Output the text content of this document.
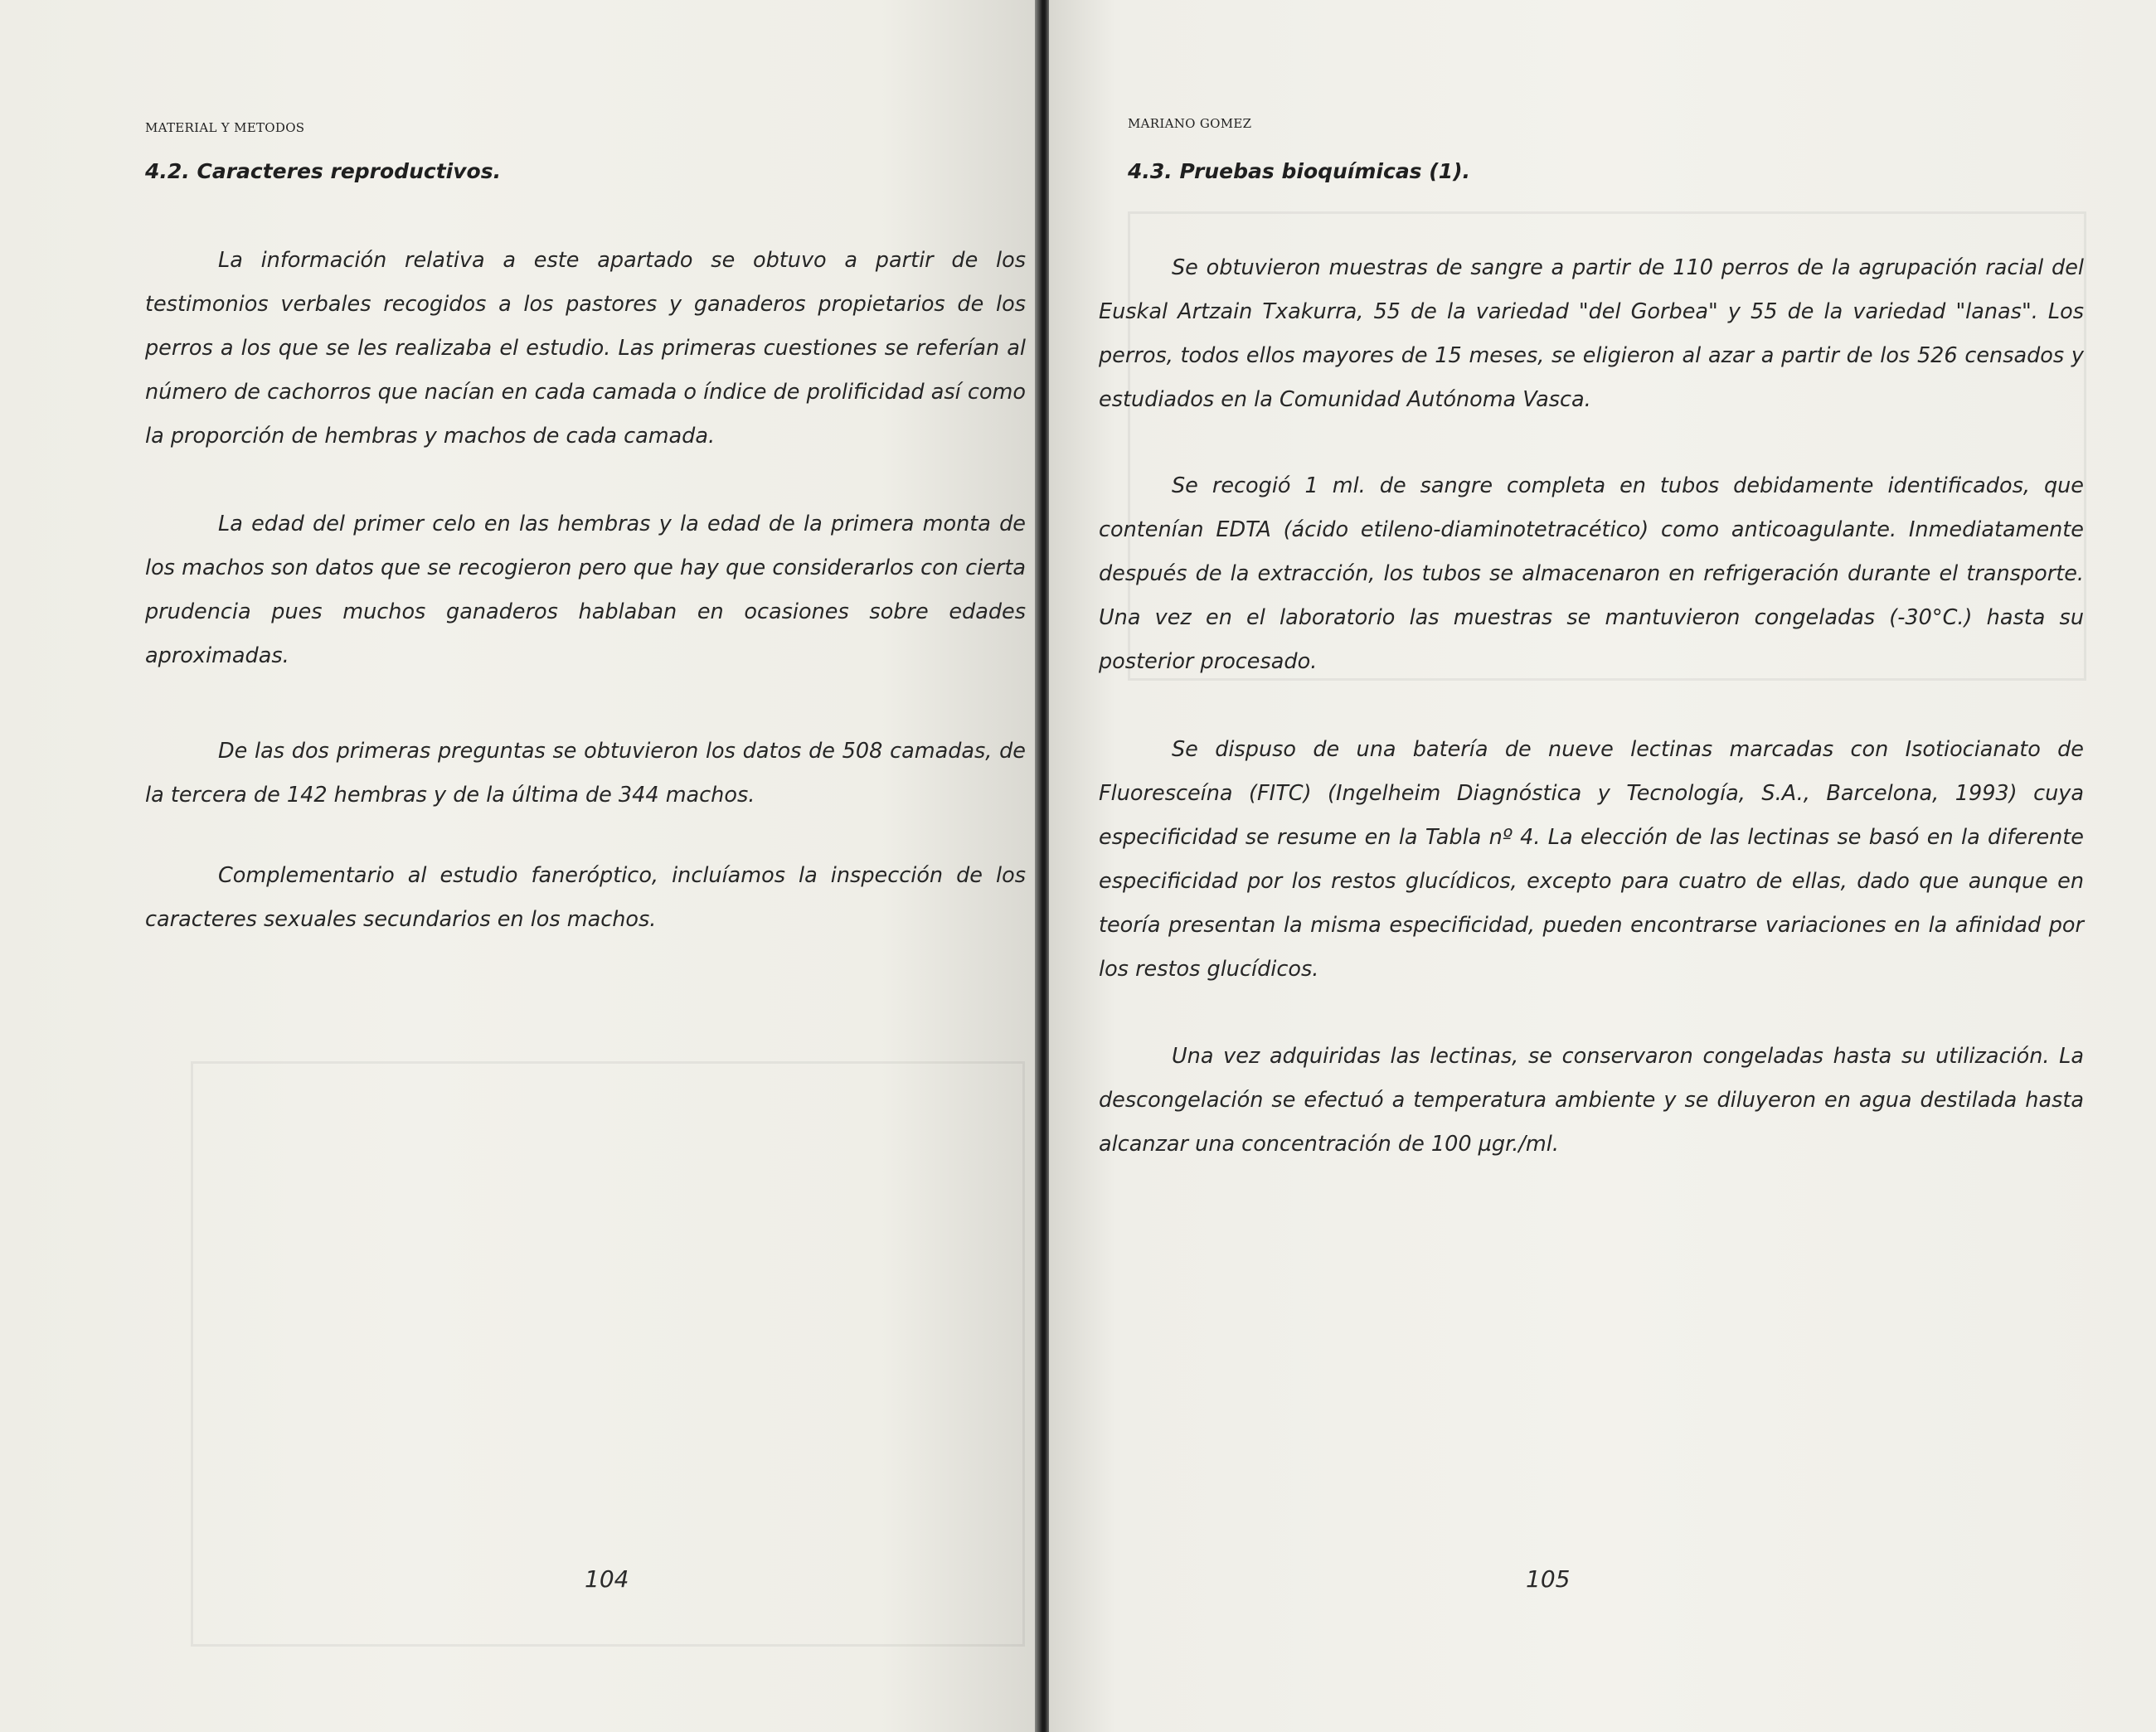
MATERIAL Y METODOS
4.2. Caracteres reproductivos.

La información relativa a este apartado se obtuvo a partir de los testimonios verbales recogidos a los pastores y ganaderos propietarios de los perros a los que se les realizaba el estudio. Las primeras cuestiones se referían al número de cachorros que nacían en cada camada o índice de prolificidad así como la proporción de hembras y machos de cada camada.

La edad del primer celo en las hembras y la edad de la primera monta de los machos son datos que se recogieron pero que hay que considerarlos con cierta prudencia pues muchos ganaderos hablaban en ocasiones sobre edades aproximadas.

De las dos primeras preguntas se obtuvieron los datos de 508 camadas, de la tercera de 142 hembras y de la última de 344 machos.

Complementario al estudio faneróptico, incluíamos la inspección de los caracteres sexuales secundarios en los machos.

104
MARIANO GOMEZ
4.3. Pruebas bioquímicas (1).

Se obtuvieron muestras de sangre a partir de 110 perros de la agrupación racial del Euskal Artzain Txakurra, 55 de la variedad "del Gorbea" y 55 de la variedad "lanas". Los perros, todos ellos mayores de 15 meses, se eligieron al azar a partir de los 526 censados y estudiados en la Comunidad Autónoma Vasca.

Se recogió 1 ml. de sangre completa en tubos debidamente identificados, que contenían EDTA (ácido etileno-diaminotetracético) como anticoagulante. Inmediatamente después de la extracción, los tubos se almacenaron en refrigeración durante el transporte. Una vez en el laboratorio las muestras se mantuvieron congeladas (-30°C.) hasta su posterior procesado.

Se dispuso de una batería de nueve lectinas marcadas con Isotiocianato de Fluoresceína (FITC) (Ingelheim Diagnóstica y Tecnología, S.A., Barcelona, 1993) cuya especificidad se resume en la Tabla nº 4. La elección de las lectinas se basó en la diferente especificidad por los restos glucídicos, excepto para cuatro de ellas, dado que aunque en teoría presentan la misma especificidad, pueden encontrarse variaciones en la afinidad por los restos glucídicos.

Una vez adquiridas las lectinas, se conservaron congeladas hasta su utilización. La descongelación se efectuó a temperatura ambiente y se diluyeron en agua destilada hasta alcanzar una concentración de 100 µgr./ml.

105
